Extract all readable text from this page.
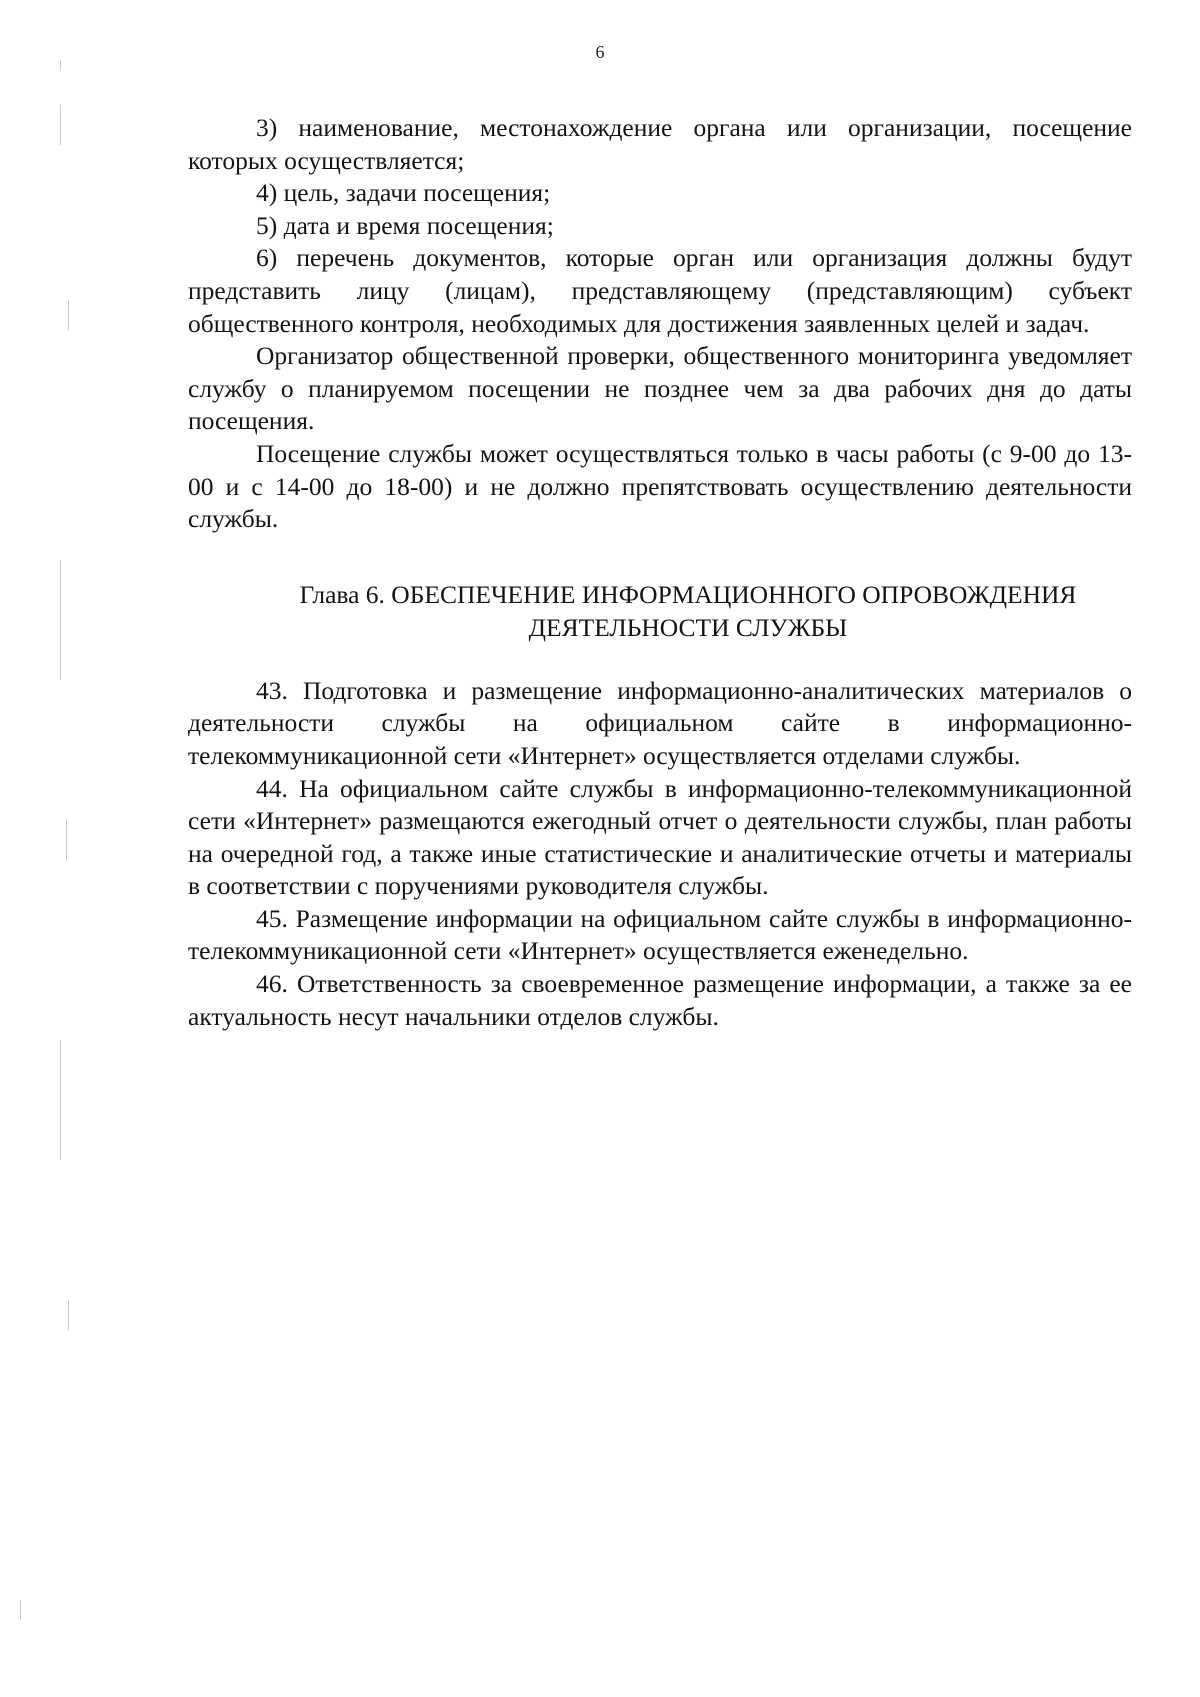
6

3) наименование, местонахождение органа или организации, посещение которых осуществляется;

4) цель, задачи посещения;

5) дата и время посещения;

6) перечень документов, которые орган или организация должны будут представить лицу (лицам), представляющему (представляющим) субъект общественного контроля, необходимых для достижения заявленных целей и задач.

Организатор общественной проверки, общественного мониторинга уведомляет службу о планируемом посещении не позднее чем за два рабочих дня до даты посещения.

Посещение службы может осуществляться только в часы работы (с 9-00 до 13-00 и с 14-00 до 18-00) и не должно препятствовать осуществлению деятельности службы.

Глава 6. ОБЕСПЕЧЕНИЕ ИНФОРМАЦИОННОГО ОПРОВОЖДЕНИЯ
ДЕЯТЕЛЬНОСТИ СЛУЖБЫ

43. Подготовка и размещение информационно-аналитических материалов о деятельности службы на официальном сайте в информационно-телекоммуникационной сети «Интернет» осуществляется отделами службы.

44. На официальном сайте службы в информационно-телекоммуникационной сети «Интернет» размещаются ежегодный отчет о деятельности службы, план работы на очередной год, а также иные статистические и аналитические отчеты и материалы в соответствии с поручениями руководителя службы.

45. Размещение информации на официальном сайте службы в информационно-телекоммуникационной сети «Интернет» осуществляется еженедельно.

46. Ответственность за своевременное размещение информации, а также за ее актуальность несут начальники отделов службы.
